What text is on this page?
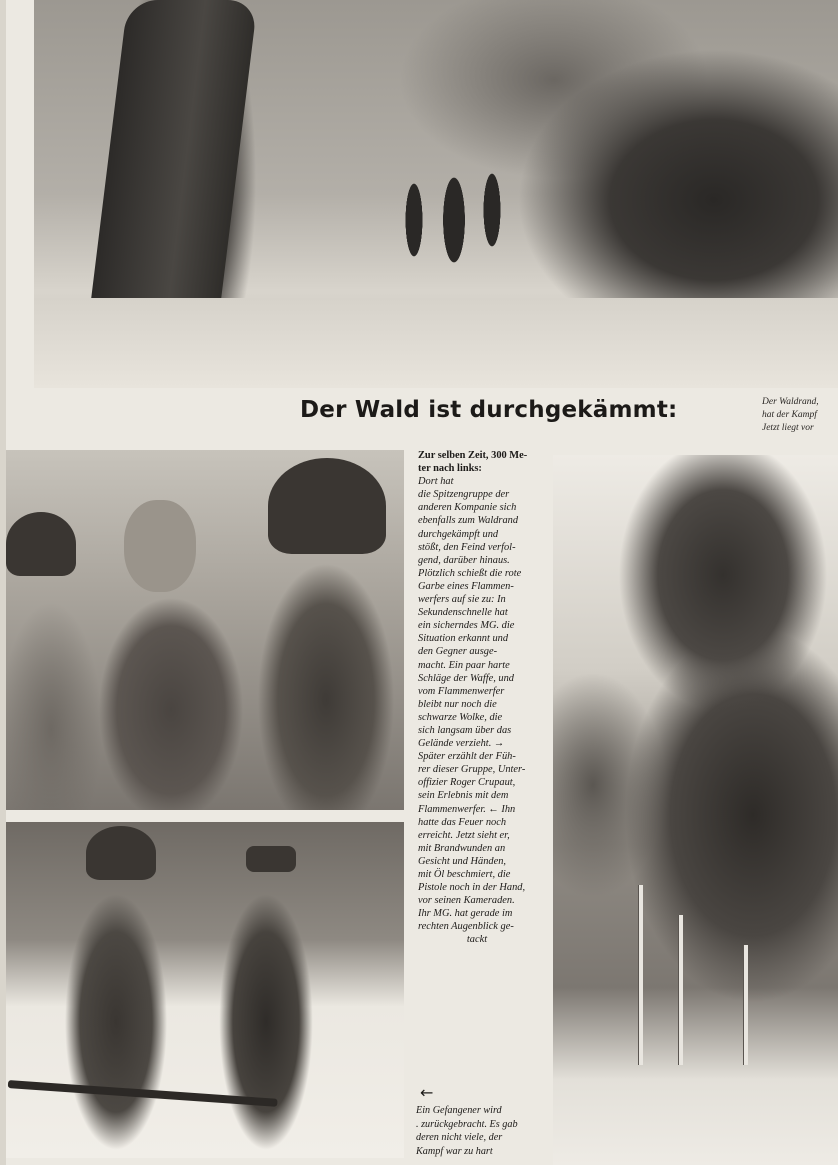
Der Wald ist durchgekämmt:	Der Waldrand,
hat der Kampf
Jetzt liegt vor
Zur selben Zeit, 300 Me-
ter nach links:
Dort hat
die Spitzengruppe der
anderen Kompanie sich
ebenfalls zum Waldrand
durchgekämpft und
stößt, den Feind verfol-
gend, darüber hinaus.
Plötzlich schießt die rote
Garbe eines Flammen-
werfers auf sie zu: In
Sekundenschnelle hat
ein sicherndes MG. die
Situation erkannt und
den Gegner ausge-
macht. Ein paar harte
Schläge der Waffe, und
vom Flammenwerfer
bleibt nur noch die
schwarze Wolke, die
sich langsam über das
Gelände verzieht. →
Später erzählt der Füh-
rer dieser Gruppe, Unter-
offizier Roger Crupaut,
sein Erlebnis mit dem
Flammenwerfer. ← Ihn
hatte das Feuer noch
erreicht. Jetzt sieht er,
mit Brandwunden an
Gesicht und Händen,
mit Öl beschmiert, die
Pistole noch in der Hand,
vor seinen Kameraden.
Ihr MG. hat gerade im
rechten Augenblick ge-
tackt
←
Ein Gefangener wird
. zurückgebracht. Es gab
deren nicht viele, der
Kampf war zu hart
